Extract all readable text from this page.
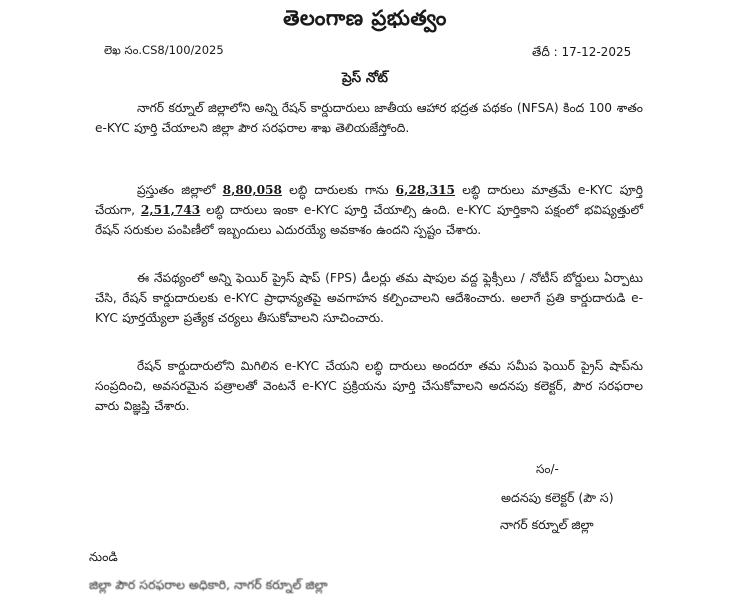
తెలంగాణ ప్రభుత్వం
లెఖ సం.CS8/100/2025	తేదీ : 17-12-2025
ప్రెస్ నోట్
నాగర్ కర్నూల్ జిల్లాలోని అన్ని రేషన్ కార్డుదారులు జాతీయ ఆహార భద్రత పథకం (NFSA) కింద 100 శాతం e-KYC పూర్తి చేయాలని జిల్లా పౌర సరఫరాల శాఖ తెలియజేస్తోంది.
ప్రస్తుతం జిల్లాలో 8,80,058 లబ్ధి దారులకు గాను 6,28,315 లబ్ధి దారులు మాత్రమే e-KYC పూర్తి చేయగా, 2,51,743 లబ్ధి దారులు ఇంకా e-KYC పూర్తి చేయాల్సి ఉంది. e-KYC పూర్తికాని పక్షంలో భవిష్యత్తులో రేషన్ సరుకుల పంపిణీలో ఇబ్బందులు ఎదురయ్యే అవకాశం ఉందని స్పష్టం చేశారు.
ఈ నేపథ్యంలో అన్ని ఫెయిర్ ప్రైస్ షాప్ (FPS) డీలర్లు తమ షాపుల వద్ద ఫ్లెక్సీలు / నోటీస్ బోర్డులు ఏర్పాటు చేసి, రేషన్ కార్డుదారులకు e-KYC ప్రాధాన్యతపై అవగాహన కల్పించాలని ఆదేశించారు. అలాగే ప్రతి కార్డుదారుడి e-KYC పూర్తయ్యేలా ప్రత్యేక చర్యలు తీసుకోవాలని సూచించారు.
రేషన్ కార్డుదారులోని మిగిలిన e-KYC చేయని లబ్ధి దారులు అందరూ తమ సమీప ఫెయిర్ ప్రైస్ షాప్‌ను సంప్రదించి, అవసరమైన పత్రాలతో వెంటనే e-KYC ప్రక్రియను పూర్తి చేసుకోవాలని అదనపు కలెక్టర్, పౌర సరఫరాల వారు విజ్ఞప్తి చేశారు.
సం/-
అదనపు కలెక్టర్ (పౌ స)
నాగర్ కర్నూల్ జిల్లా
నుండి
జిల్లా పౌర సరఫరాల అధికారి, నాగర్ కర్నూల్ జిల్లా
